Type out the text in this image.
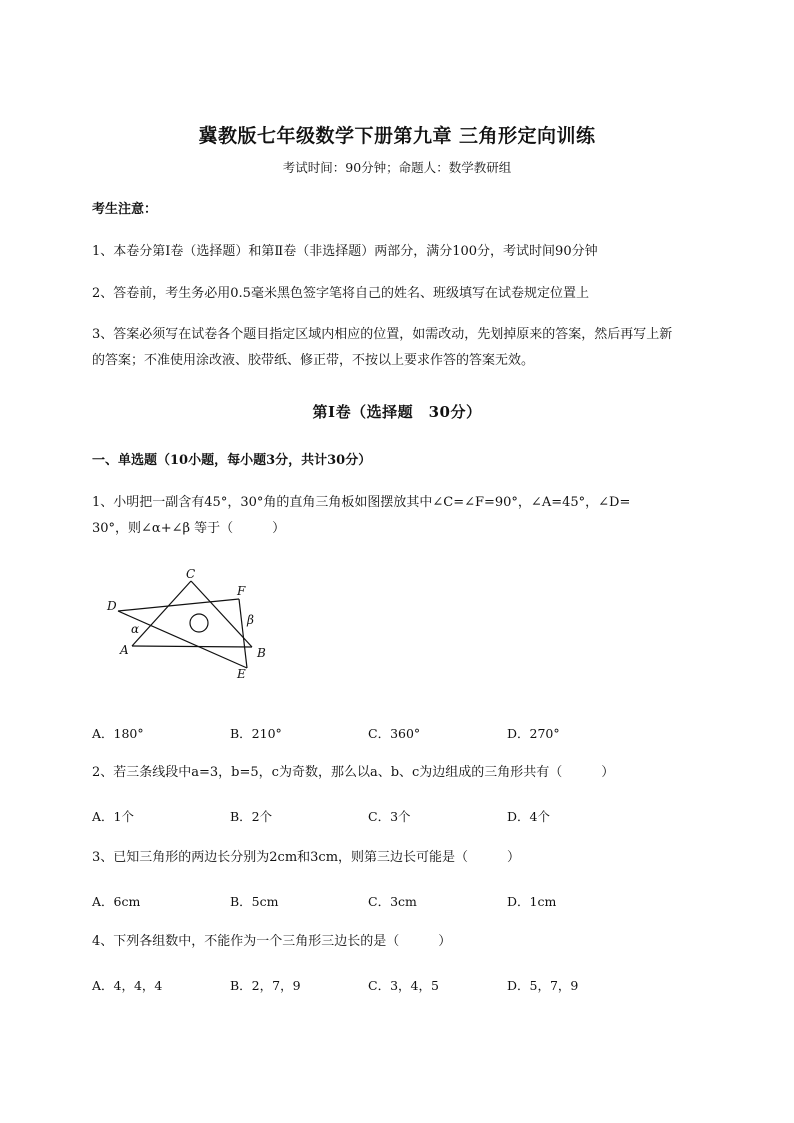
冀教版七年级数学下册第九章 三角形定向训练
考试时间：90分钟；命题人：数学教研组
考生注意：
1、本卷分第I卷（选择题）和第Ⅱ卷（非选择题）两部分，满分100分，考试时间90分钟
2、答卷前，考生务必用0.5毫米黑色签字笔将自己的姓名、班级填写在试卷规定位置上
3、答案必须写在试卷各个题目指定区域内相应的位置，如需改动，先划掉原来的答案，然后再写上新
的答案；不准使用涂改液、胶带纸、修正带，不按以上要求作答的答案无效。
第I卷（选择题　30分）
一、单选题（10小题，每小题3分，共计30分）
1、小明把一副含有45°，30°角的直角三角板如图摆放其中∠C=∠F=90°，∠A=45°，∠D=
30°，则∠α+∠β 等于（　　　）
C
F
D
α
β
A	B
E
A．180°	B．210°	C．360°	D．270°
2、若三条线段中a=3，b=5，c为奇数，那么以a、b、c为边组成的三角形共有（　　　）
A．1个	B．2个	C．3个	D．4个
3、已知三角形的两边长分别为2cm和3cm，则第三边长可能是（　　　）
A．6cm	B．5cm	C．3cm	D．1cm
4、下列各组数中，不能作为一个三角形三边长的是（　　　）
A．4，4，4	B．2，7，9	C．3，4，5	D．5，7，9
